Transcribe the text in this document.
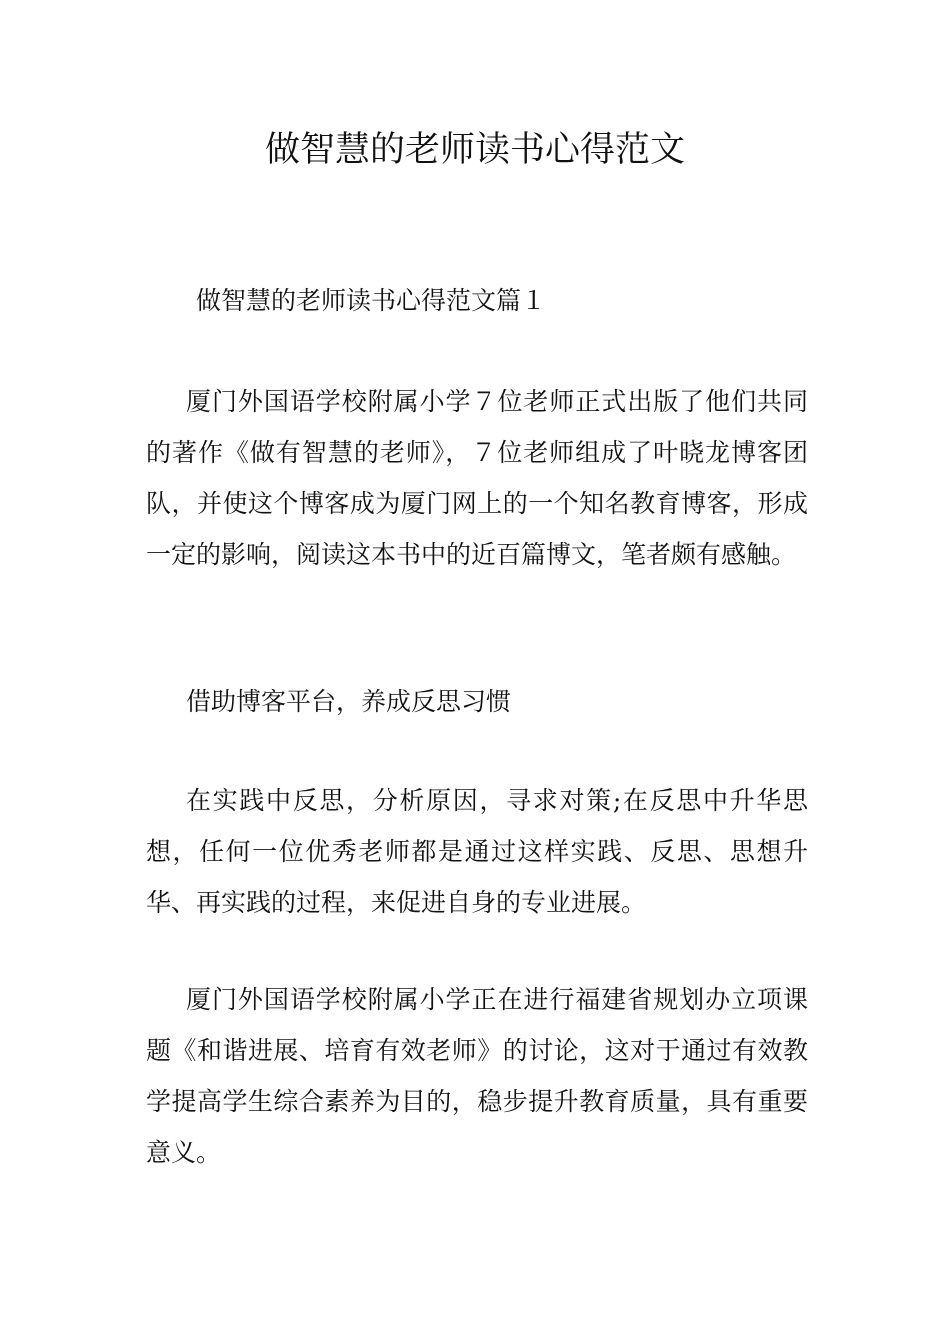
做智慧的老师读书心得范文
做智慧的老师读书心得范文篇１

厦门外国语学校附属小学７位老师正式出版了他们共同的著作《做有智慧的老师》，７位老师组成了叶晓龙博客团队，并使这个博客成为厦门网上的一个知名教育博客，形成一定的影响，阅读这本书中的近百篇博文，笔者颇有感触。

借助博客平台，养成反思习惯

在实践中反思，分析原因，寻求对策;在反思中升华思想，任何一位优秀老师都是通过这样实践、反思、思想升华、再实践的过程，来促进自身的专业进展。

厦门外国语学校附属小学正在进行福建省规划办立项课题《和谐进展、培育有效老师》的讨论，这对于通过有效教学提高学生综合素养为目的，稳步提升教育质量，具有重要意义。
